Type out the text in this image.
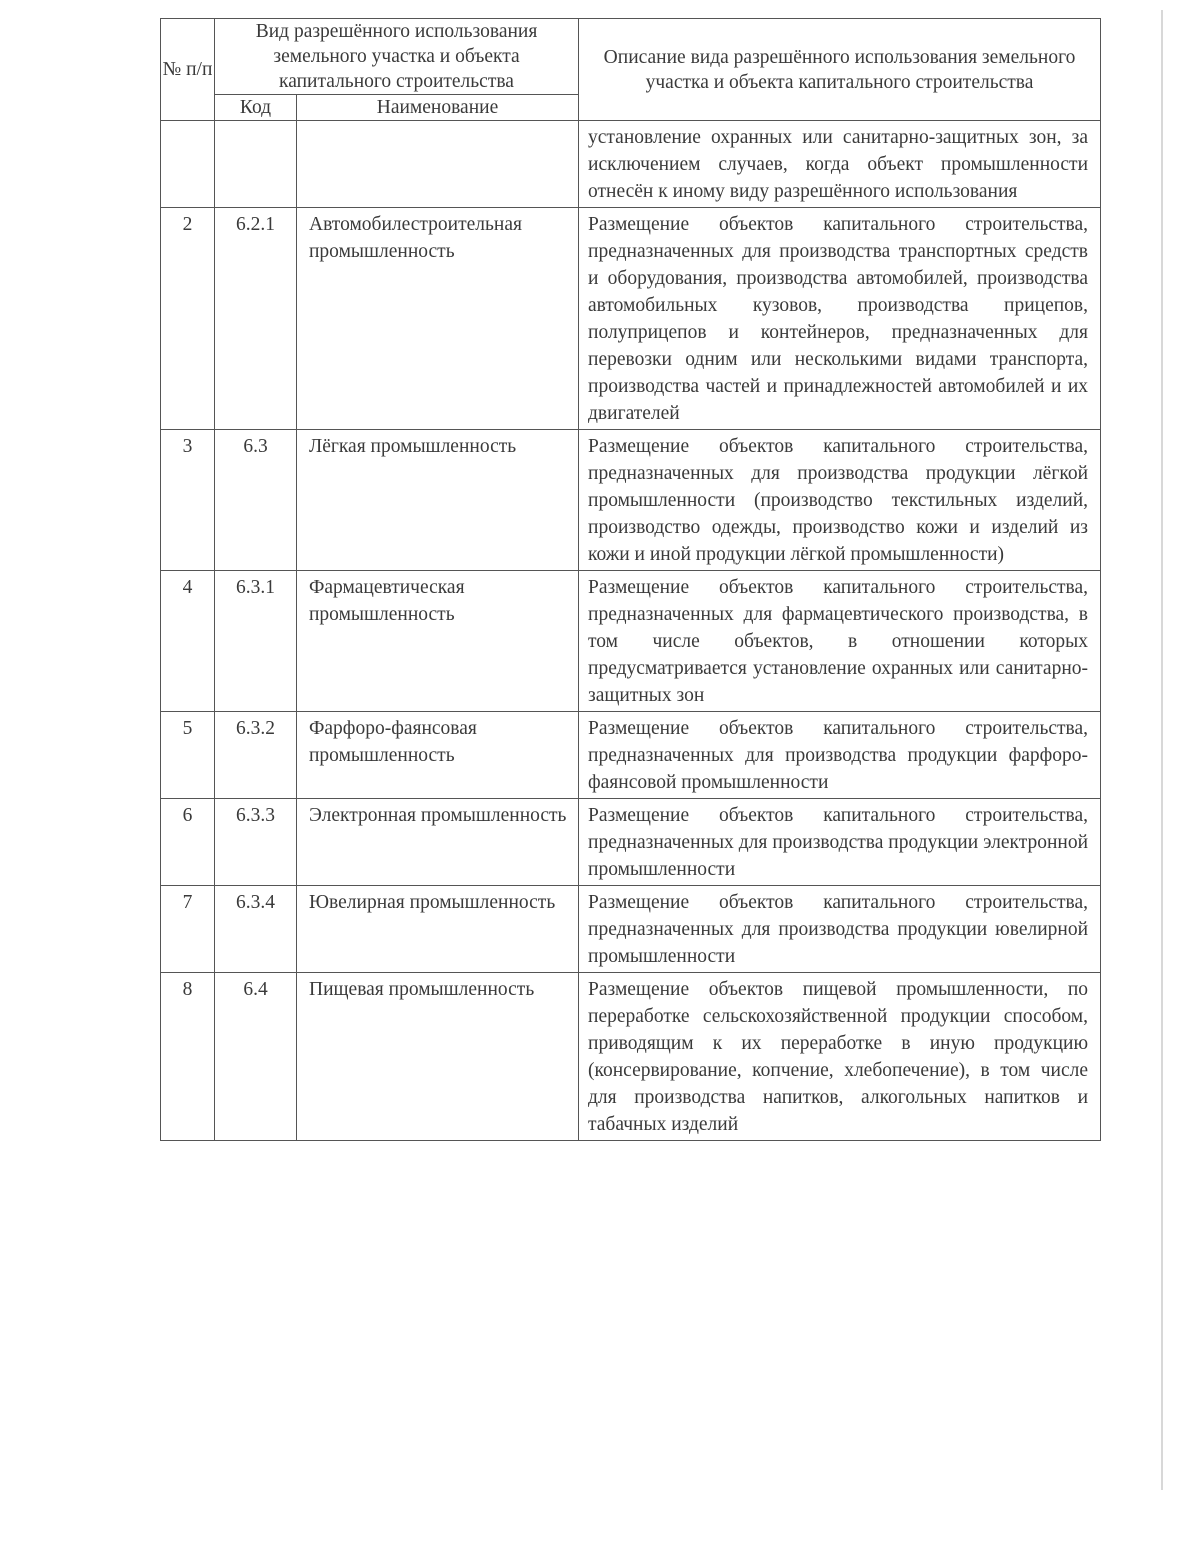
№ п/п	Вид разрешённого использования земельного участка и объекта капитального строительства		Описание вида разрешённого использования земельного участка и объекта капитального строительства
	Код	Наименование	
			установление охранных или санитарно-защитных зон, за исключением случаев, когда объект промышленности отнесён к иному виду разрешённого использования
2	6.2.1	Автомобилестроительная промышленность	Размещение объектов капитального строительства, предназначенных для производства транспортных средств и оборудования, производства автомобилей, производства автомобильных кузовов, производства прицепов, полуприцепов и контейнеров, предназначенных для перевозки одним или несколькими видами транспорта, производства частей и принадлежностей автомобилей и их двигателей
3	6.3	Лёгкая промышленность	Размещение объектов капитального строительства, предназначенных для производства продукции лёгкой промышленности (производство текстильных изделий, производство одежды, производство кожи и изделий из кожи и иной продукции лёгкой промышленности)
4	6.3.1	Фармацевтическая промышленность	Размещение объектов капитального строительства, предназначенных для фармацевтического производства, в том числе объектов, в отношении которых предусматривается установление охранных или санитарно-защитных зон
5	6.3.2	Фарфоро-фаянсовая промышленность	Размещение объектов капитального строительства, предназначенных для производства продукции фарфоро-фаянсовой промышленности
6	6.3.3	Электронная промышленность	Размещение объектов капитального строительства, предназначенных для производства продукции электронной промышленности
7	6.3.4	Ювелирная промышленность	Размещение объектов капитального строительства, предназначенных для производства продукции ювелирной промышленности
8	6.4	Пищевая промышленность	Размещение объектов пищевой промышленности, по переработке сельскохозяйственной продукции способом, приводящим к их переработке в иную продукцию (консервирование, копчение, хлебопечение), в том числе для производства напитков, алкогольных напитков и табачных изделий
